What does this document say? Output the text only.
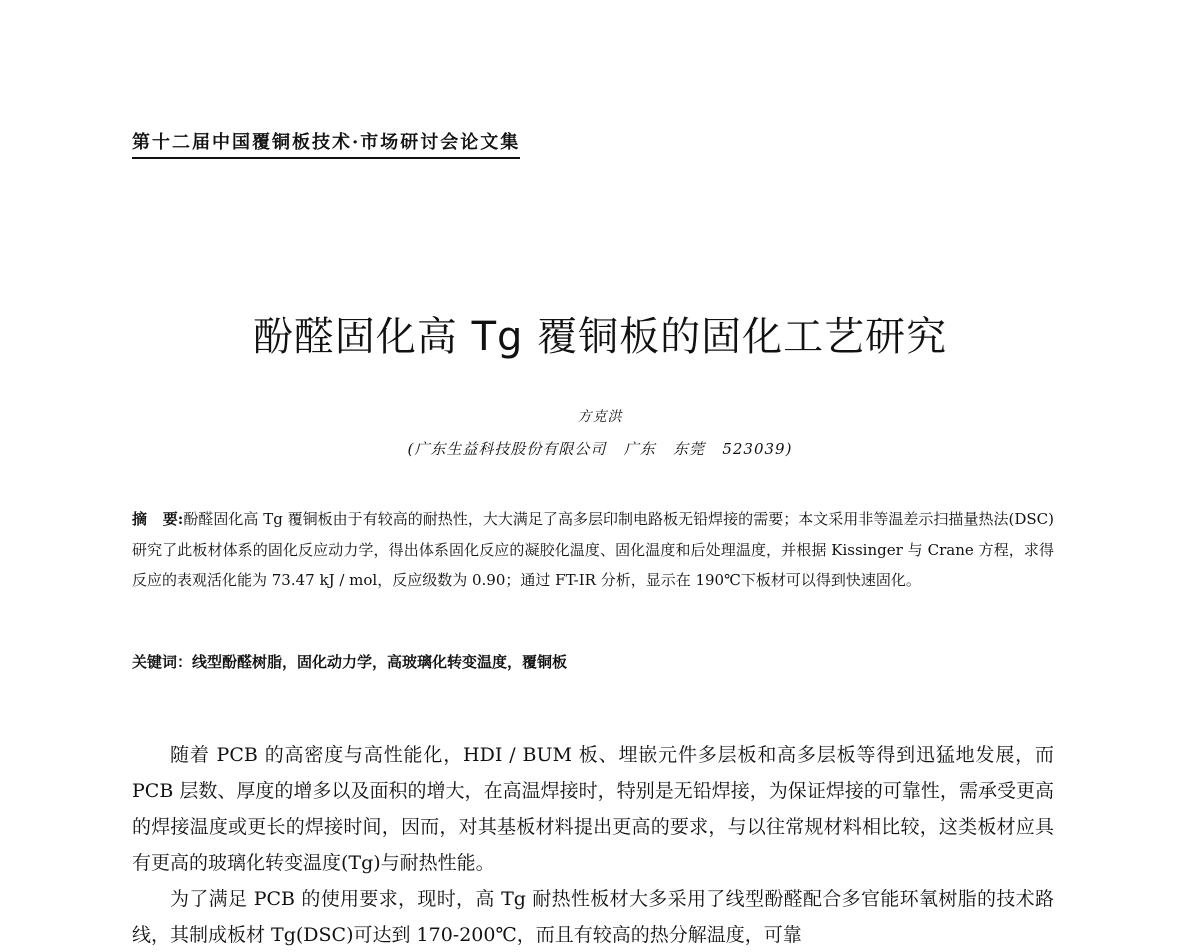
第十二届中国覆铜板技术·市场研讨会论文集
酚醛固化高 Tg 覆铜板的固化工艺研究
方克洪
(广东生益科技股份有限公司   广东   东莞   523039)
摘   要:酚醛固化高 Tg 覆铜板由于有较高的耐热性，大大满足了高多层印制电路板无铅焊接的需要；本文采用非等温差示扫描量热法(DSC)研究了此板材体系的固化反应动力学，得出体系固化反应的凝胶化温度、固化温度和后处理温度，并根据 Kissinger 与 Crane 方程，求得反应的表观活化能为 73.47 kJ / mol，反应级数为 0.90；通过 FT-IR 分析，显示在 190℃下板材可以得到快速固化。
关键词：线型酚醛树脂，固化动力学，高玻璃化转变温度，覆铜板

随着 PCB 的高密度与高性能化，HDI / BUM 板、埋嵌元件多层板和高多层板等得到迅猛地发展，而 PCB 层数、厚度的增多以及面积的增大，在高温焊接时，特别是无铅焊接，为保证焊接的可靠性，需承受更高的焊接温度或更长的焊接时间，因而，对其基板材料提出更高的要求，与以往常规材料相比较，这类板材应具有更高的玻璃化转变温度(Tg)与耐热性能。

为了满足 PCB 的使用要求，现时，高 Tg 耐热性板材大多采用了线型酚醛配合多官能环氧树脂的技术路线，其制成板材 Tg(DSC)可达到 170-200℃，而且有较高的热分解温度，可靠
